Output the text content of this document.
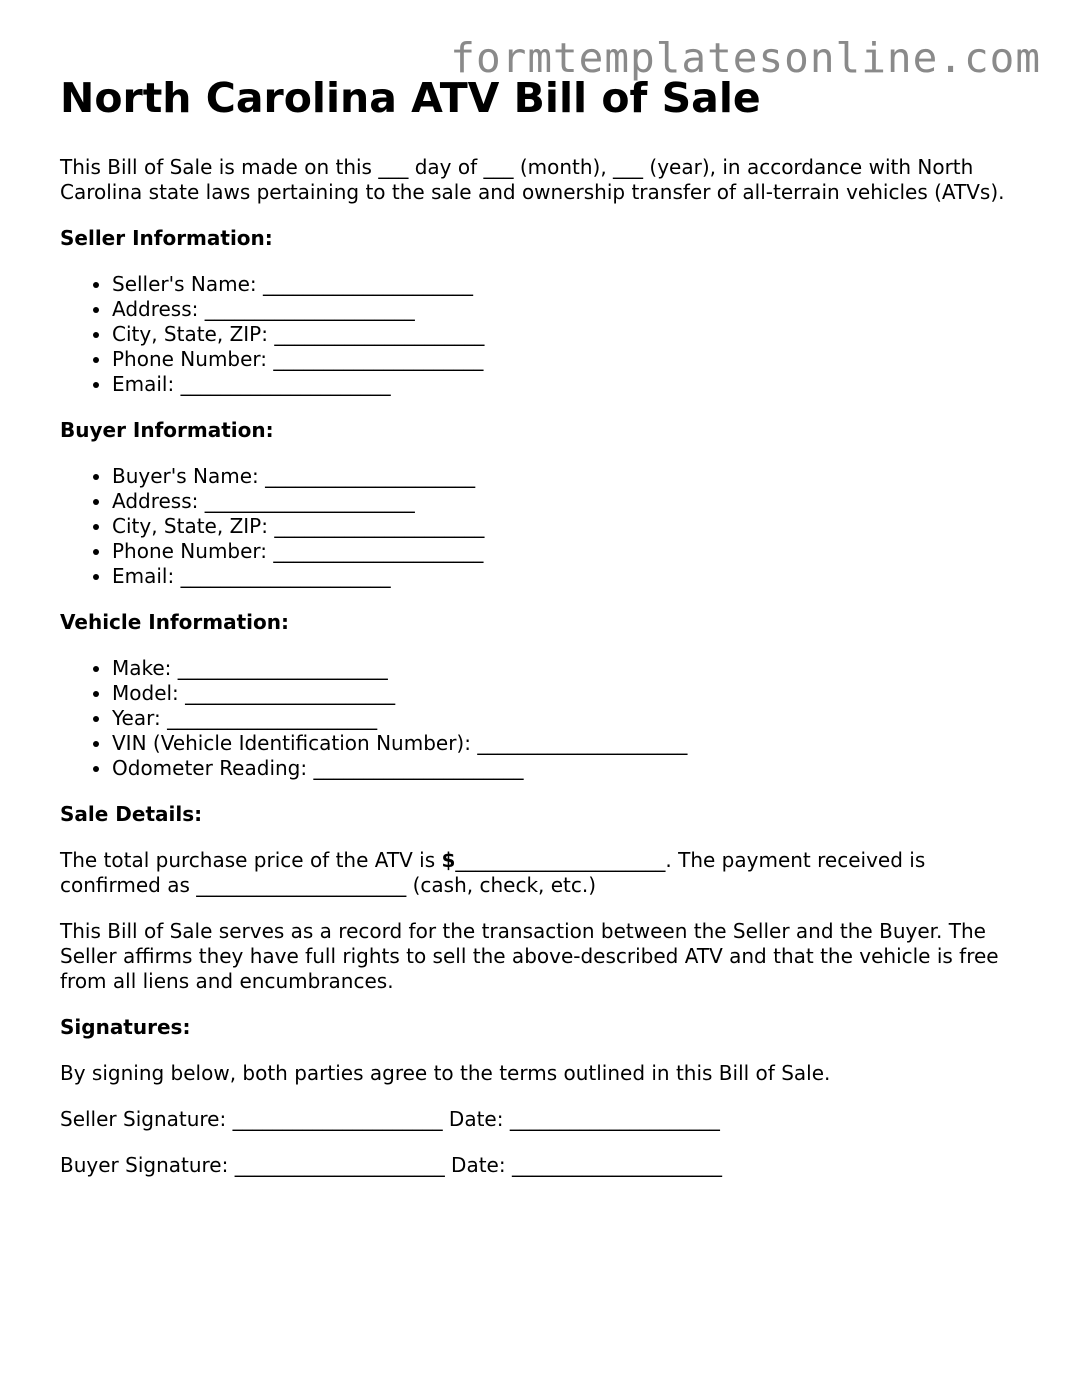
formtemplatesonline.com
North Carolina ATV Bill of Sale

This Bill of Sale is made on this ___ day of ___ (month), ___ (year), in accordance with North Carolina state laws pertaining to the sale and ownership transfer of all-terrain vehicles (ATVs).

Seller Information:
• Seller's Name: _____________________
• Address: _____________________
• City, State, ZIP: _____________________
• Phone Number: _____________________
• Email: _____________________
Buyer Information:
• Buyer's Name: _____________________
• Address: _____________________
• City, State, ZIP: _____________________
• Phone Number: _____________________
• Email: _____________________
Vehicle Information:
• Make: _____________________
• Model: _____________________
• Year: _____________________
• VIN (Vehicle Identification Number): _____________________
• Odometer Reading: _____________________
Sale Details:

The total purchase price of the ATV is $_____________________. The payment received is confirmed as _____________________ (cash, check, etc.)

This Bill of Sale serves as a record for the transaction between the Seller and the Buyer. The Seller affirms they have full rights to sell the above-described ATV and that the vehicle is free from all liens and encumbrances.

Signatures:

By signing below, both parties agree to the terms outlined in this Bill of Sale.

Seller Signature: _____________________ Date: _____________________

Buyer Signature: _____________________ Date: _____________________
